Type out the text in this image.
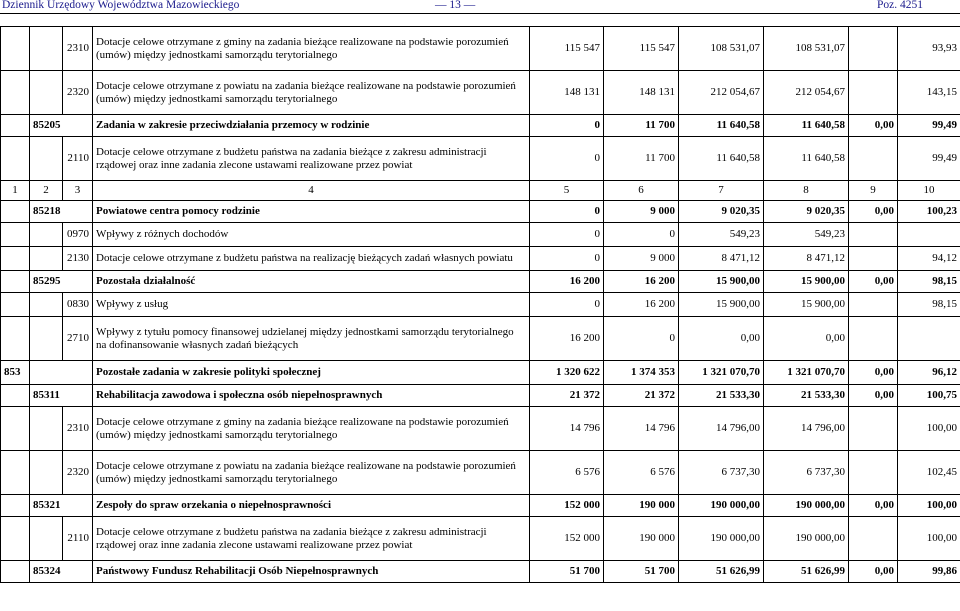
Dziennik Urzędowy Województwa Mazowieckiego	— 13 —	Poz. 4251
		2310	Dotacje celowe otrzymane z gminy na zadania bieżące realizowane na podstawie porozumień (umów) między jednostkami samorządu terytorialnego	115 547	115 547	108 531,07	108 531,07		93,93
		2320	Dotacje celowe otrzymane z powiatu na zadania bieżące realizowane na podstawie porozumień (umów) między jednostkami samorządu terytorialnego	148 131	148 131	212 054,67	212 054,67		143,15
	85205		Zadania w zakresie przeciwdziałania przemocy w rodzinie	0	11 700	11 640,58	11 640,58	0,00	99,49
		2110	Dotacje celowe otrzymane z budżetu państwa na zadania bieżące z zakresu administracji rządowej oraz inne zadania zlecone ustawami realizowane przez powiat	0	11 700	11 640,58	11 640,58		99,49
1	2	3	4	5	6	7	8	9	10
	85218		Powiatowe centra pomocy rodzinie	0	9 000	9 020,35	9 020,35	0,00	100,23
		0970	Wpływy z różnych dochodów	0	0	549,23	549,23		
		2130	Dotacje celowe otrzymane z budżetu państwa na realizację bieżących zadań własnych powiatu	0	9 000	8 471,12	8 471,12		94,12
	85295		Pozostała działalność	16 200	16 200	15 900,00	15 900,00	0,00	98,15
		0830	Wpływy z usług	0	16 200	15 900,00	15 900,00		98,15
		2710	Wpływy z tytułu pomocy finansowej udzielanej między jednostkami samorządu terytorialnego na dofinansowanie własnych zadań bieżących	16 200	0	0,00	0,00		
853			Pozostałe zadania w zakresie polityki społecznej	1 320 622	1 374 353	1 321 070,70	1 321 070,70	0,00	96,12
	85311		Rehabilitacja zawodowa i społeczna osób niepełnosprawnych	21 372	21 372	21 533,30	21 533,30	0,00	100,75
		2310	Dotacje celowe otrzymane z gminy na zadania bieżące realizowane na podstawie porozumień (umów) między jednostkami samorządu terytorialnego	14 796	14 796	14 796,00	14 796,00		100,00
		2320	Dotacje celowe otrzymane z powiatu na zadania bieżące realizowane na podstawie porozumień (umów) między jednostkami samorządu terytorialnego	6 576	6 576	6 737,30	6 737,30		102,45
	85321		Zespoły do spraw orzekania o niepełnosprawności	152 000	190 000	190 000,00	190 000,00	0,00	100,00
		2110	Dotacje celowe otrzymane z budżetu państwa na zadania bieżące z zakresu administracji rządowej oraz inne zadania zlecone ustawami realizowane przez powiat	152 000	190 000	190 000,00	190 000,00		100,00
	85324		Państwowy Fundusz Rehabilitacji Osób Niepełnosprawnych	51 700	51 700	51 626,99	51 626,99	0,00	99,86
